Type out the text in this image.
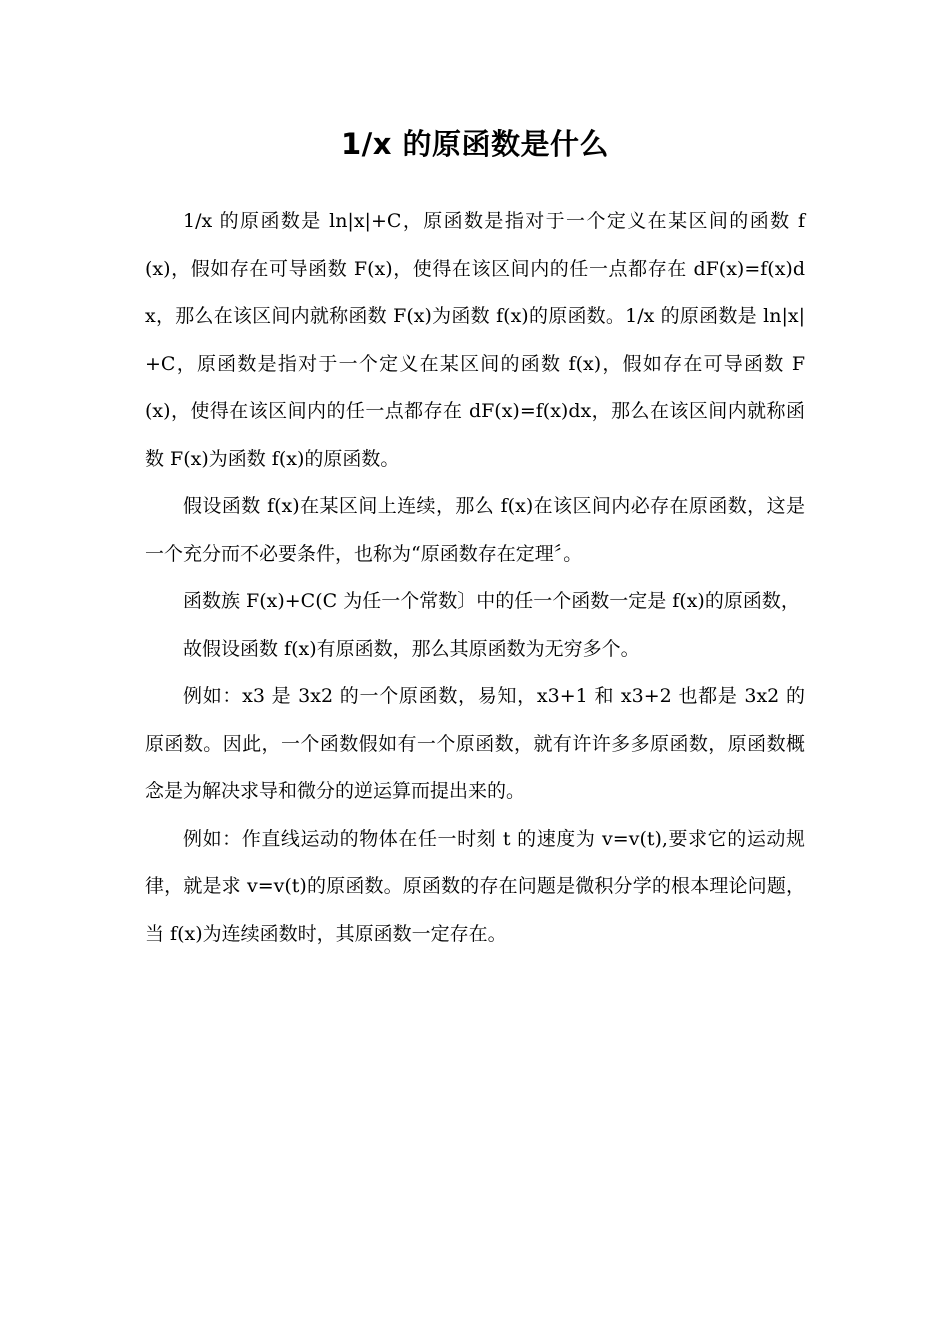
1/x 的原函数是什么

1/x 的原函数是 ln|x|+C，原函数是指对于一个定义在某区间的函数 f(x)，假如存在可导函数 F(x)，使得在该区间内的任一点都存在 dF(x)=f(x)dx，那么在该区间内就称函数 F(x)为函数 f(x)的原函数。1/x 的原函数是 ln|x|+C，原函数是指对于一个定义在某区间的函数 f(x)，假如存在可导函数 F(x)，使得在该区间内的任一点都存在 dF(x)=f(x)dx，那么在该区间内就称函数 F(x)为函数 f(x)的原函数。

假设函数 f(x)在某区间上连续，那么 f(x)在该区间内必存在原函数，这是一个充分而不必要条件，也称为“原函数存在定理〞。

函数族 F(x)+C(C 为任一个常数〕中的任一个函数一定是 f(x)的原函数，

故假设函数 f(x)有原函数，那么其原函数为无穷多个。

例如：x3 是 3x2 的一个原函数，易知，x3+1 和 x3+2 也都是 3x2 的原函数。因此，一个函数假如有一个原函数，就有许许多多原函数，原函数概念是为解决求导和微分的逆运算而提出来的。

例如：作直线运动的物体在任一时刻 t 的速度为 v=v(t),要求它的运动规律，就是求 v=v(t)的原函数。原函数的存在问题是微积分学的根本理论问题，当 f(x)为连续函数时，其原函数一定存在。
